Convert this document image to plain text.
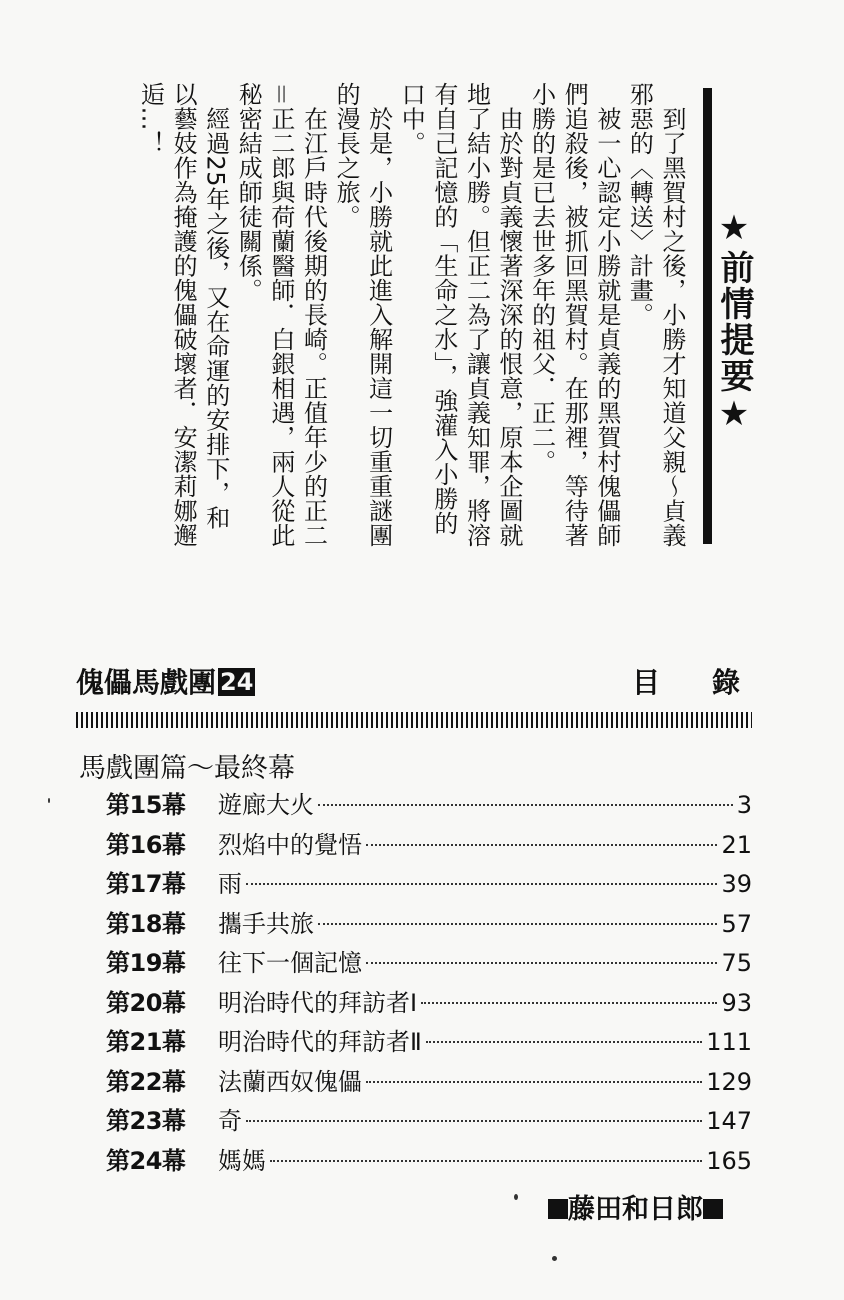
★前情提要★

　到了黑賀村之後，小勝才知道父親～貞義邪惡的〈轉送〉計畫。

　被一心認定小勝就是貞義的黑賀村傀儡師們追殺後，被抓回黑賀村。在那裡，等待著小勝的是已去世多年的祖父．正二。

　由於對貞義懷著深深的恨意，原本企圖就地了結小勝。但正二為了讓貞義知罪，將溶有自己記憶的「生命之水」，強灌入小勝的口中。

　於是，小勝就此進入解開這一切重重謎團的漫長之旅。

　在江戶時代後期的長崎。正值年少的正二＝正二郎與荷蘭醫師．白銀相遇，兩人從此秘密結成師徒關係。

　經過25年之後，又在命運的安排下，和以藝妓作為掩護的傀儡破壞者．安潔莉娜邂逅…！

傀儡馬戲團 24	目錄
馬戲團篇～最終幕
第15幕	遊廊大火	3
第16幕	烈焰中的覺悟	21
第17幕	雨	39
第18幕	攜手共旅	57
第19幕	往下一個記憶	75
第20幕	明治時代的拜訪者Ⅰ	93
第21幕	明治時代的拜訪者Ⅱ	111
第22幕	法蘭西奴傀儡	129
第23幕	奇	147
第24幕	媽媽	165
藤田和日郎
